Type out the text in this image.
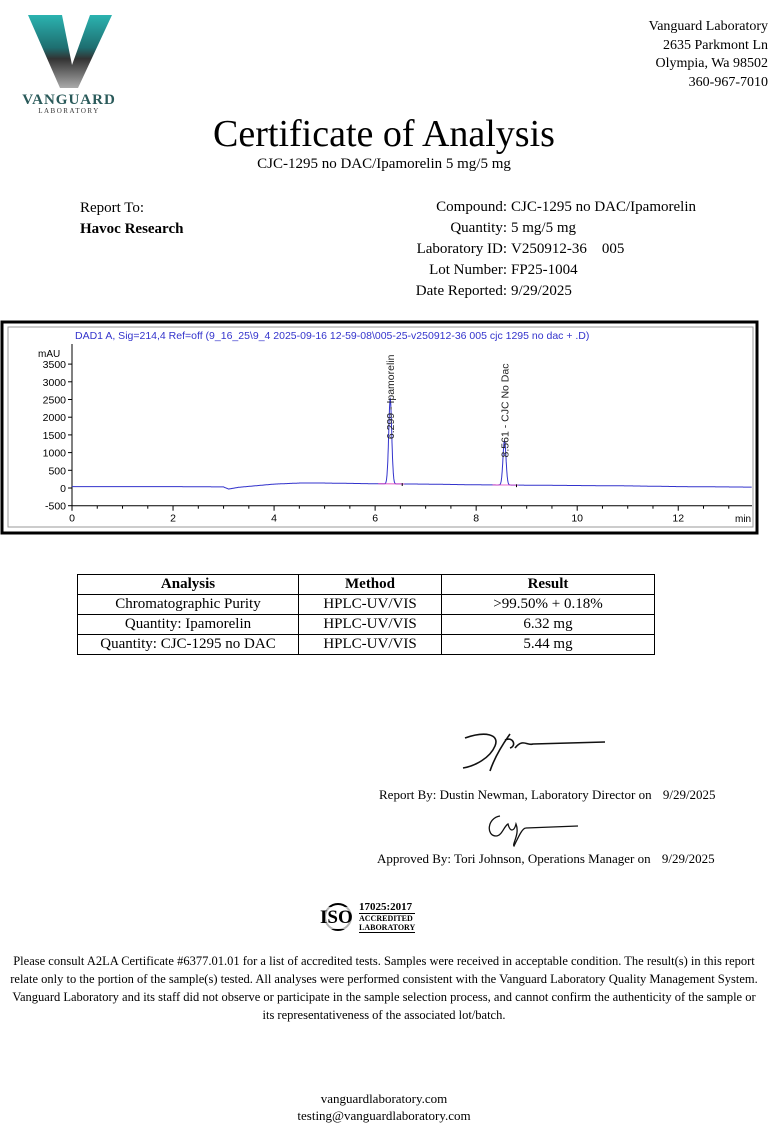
VANGUARD
LABORATORY
Vanguard Laboratory
2635 Parkmont Ln
Olympia, Wa 98502
360-967-7010
Certificate of Analysis
CJC-1295 no DAC/Ipamorelin 5 mg/5 mg
Report To:
Havoc Research
Compound: CJC-1295 no DAC/Ipamorelin
Quantity: 5 mg/5 mg
Laboratory ID: V250912-36    005
Lot Number: FP25-1004
Date Reported: 9/29/2025
DAD1 A, Sig=214,4 Ref=off (9_16_25\9_4 2025-09-16 12-59-08\005-25-v250912-36 005 cjc 1295 no dac + .D)
mAU
min
-500
0
500
1000
1500
2000
2500
3000
3500
0	2	4	6	8	10	12
6.299 - Ipamorelin	8.561 - CJC No Dac
Analysis	Method	Result
Chromatographic Purity	HPLC-UV/VIS	>99.50% + 0.18%
Quantity: Ipamorelin	HPLC-UV/VIS	6.32 mg
Quantity: CJC-1295 no DAC	HPLC-UV/VIS	5.44 mg
Report By: Dustin Newman, Laboratory Director on 9/29/2025
Approved By: Tori Johnson, Operations Manager on 9/29/2025
ISO 17025:2017
ACCREDITED
LABORATORY
Please consult A2LA Certificate #6377.01.01 for a list of accredited tests. Samples were received in acceptable condition. The result(s) in this report relate only to the portion of the sample(s) tested. All analyses were performed consistent with the Vanguard Laboratory Quality Management System. Vanguard Laboratory and its staff did not observe or participate in the sample selection process, and cannot confirm the authenticity of the sample or its representativeness of the associated lot/batch.
vanguardlaboratory.com
testing@vanguardlaboratory.com
